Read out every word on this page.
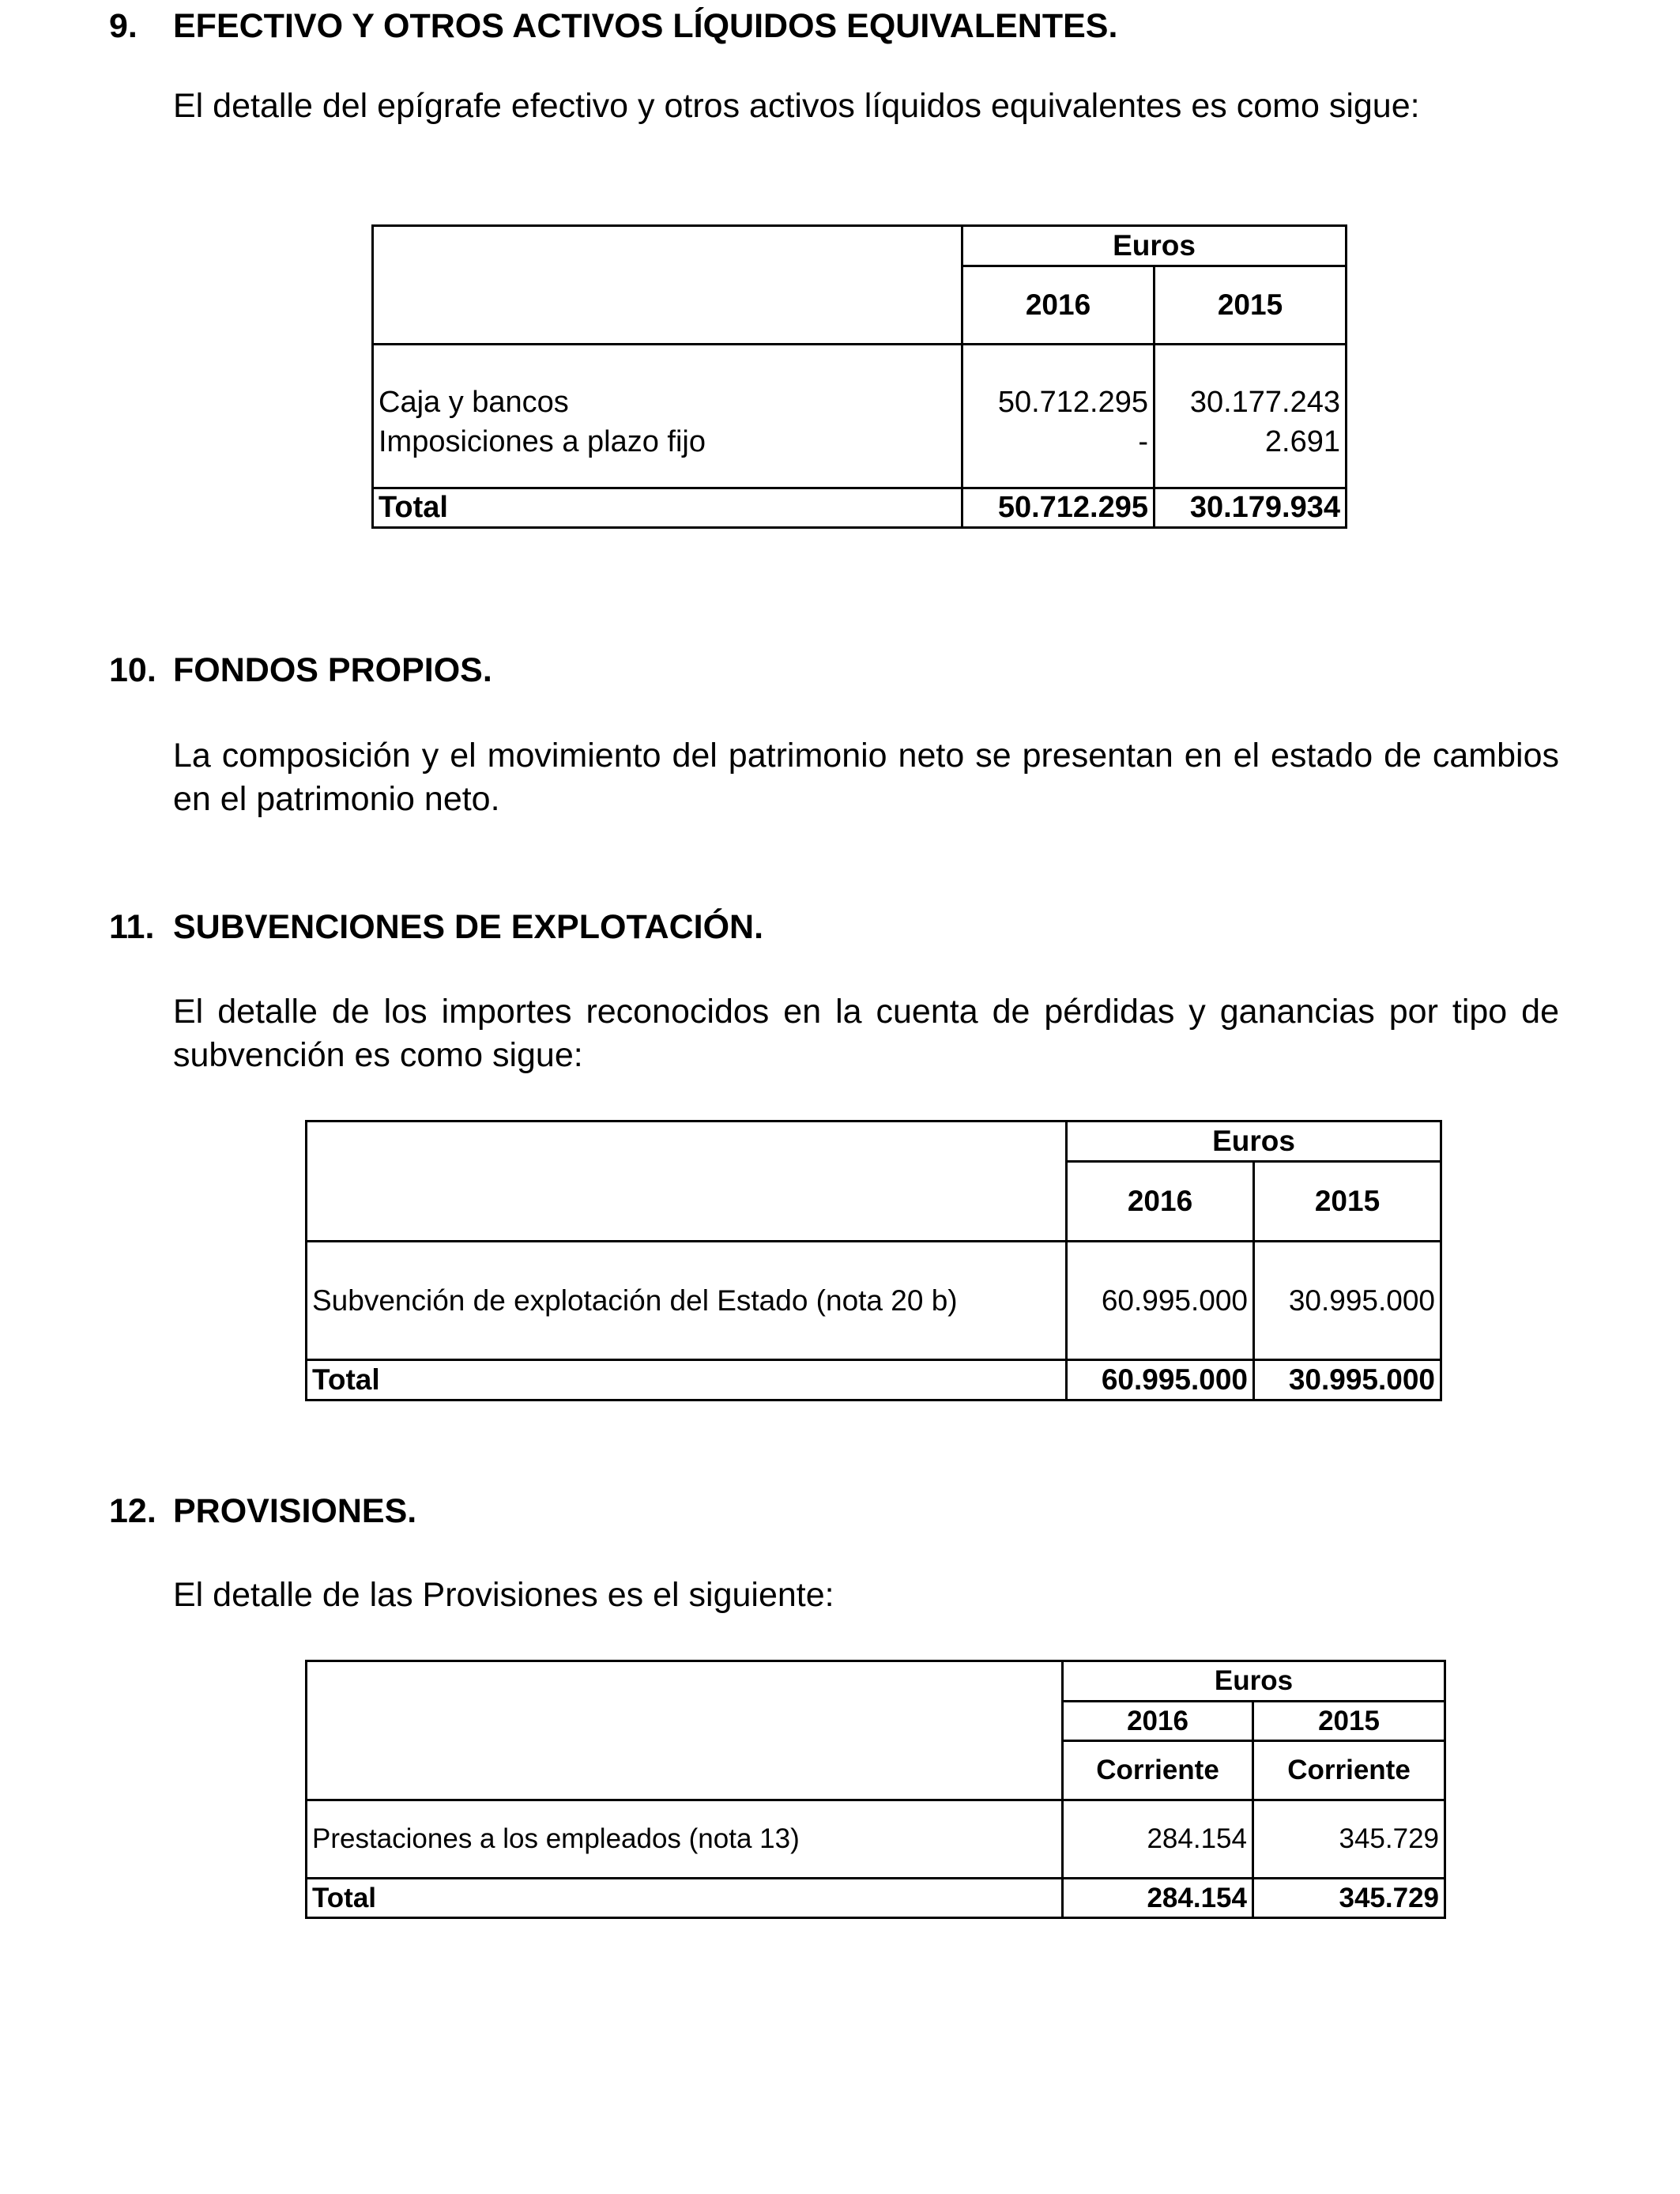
9. EFECTIVO Y OTROS ACTIVOS LÍQUIDOS EQUIVALENTES.
El detalle del epígrafe efectivo y otros activos líquidos equivalentes es como sigue:
	Euros	
	2016	2015

Caja y bancos	50.712.295	30.177.243
Imposiciones a plazo fijo	-	2.691

Total	50.712.295	30.179.934
10. FONDOS PROPIOS.
La composición y el movimiento del patrimonio neto se presentan en el estado de cambios en el patrimonio neto.
11. SUBVENCIONES DE EXPLOTACIÓN.
El detalle de los importes reconocidos en la cuenta de pérdidas y ganancias por tipo de subvención es como sigue:
	Euros	
	2016	2015
Subvención de explotación del Estado (nota 20 b)	60.995.000	30.995.000
Total	60.995.000	30.995.000
12. PROVISIONES.
El detalle de las Provisiones es el siguiente:
	Euros	
	2016	2015
	Corriente	Corriente
Prestaciones a los empleados (nota 13)	284.154	345.729
Total	284.154	345.729
